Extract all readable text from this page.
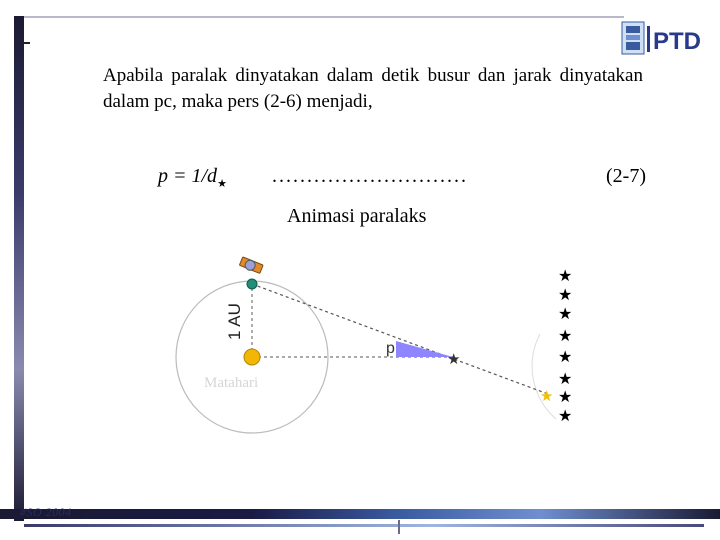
#SO 2004
PTD
Apabila paralak dinyatakan dalam detik busur dan jarak dinyatakan dalam pc, maka pers (2-6) menjadi,
$p = 1/d_★$ ............................	(2-7)
Animasi paralaks
p
★
Matahari
1 AU
★
★
★
★
★
★
★
★
★
